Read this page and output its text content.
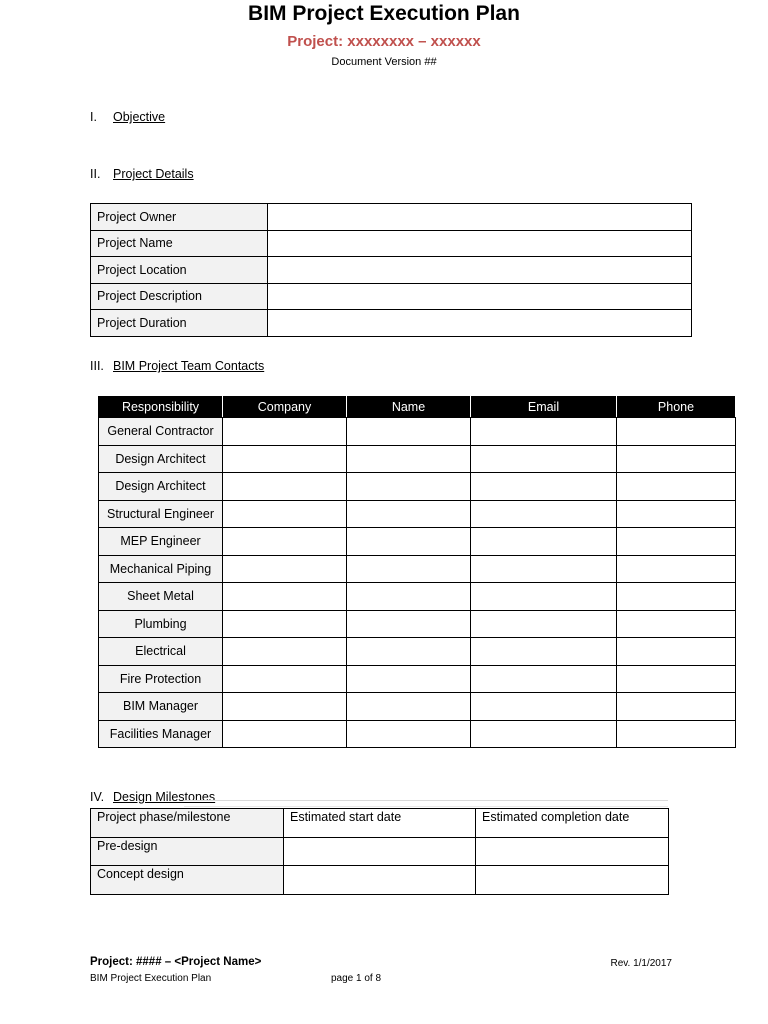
BIM Project Execution Plan
Project: xxxxxxxx – xxxxxx
Document Version ##
I. Objective
II. Project Details
Project Owner	
Project Name	
Project Location	
Project Description	
Project Duration	
III. BIM Project Team Contacts
Responsibility	Company	Name	Email	Phone
General Contractor				
Design Architect				
Design Architect				
Structural Engineer				
MEP Engineer				
Mechanical Piping				
Sheet Metal				
Plumbing				
Electrical				
Fire Protection				
BIM Manager				
Facilities Manager				
IV. Design Milestones
Project phase/milestone	Estimated start date	Estimated completion date
Pre-design		
Concept design		
Project: #### – <Project Name>	Rev. 1/1/2017
BIM Project Execution Plan	page 1 of 8
